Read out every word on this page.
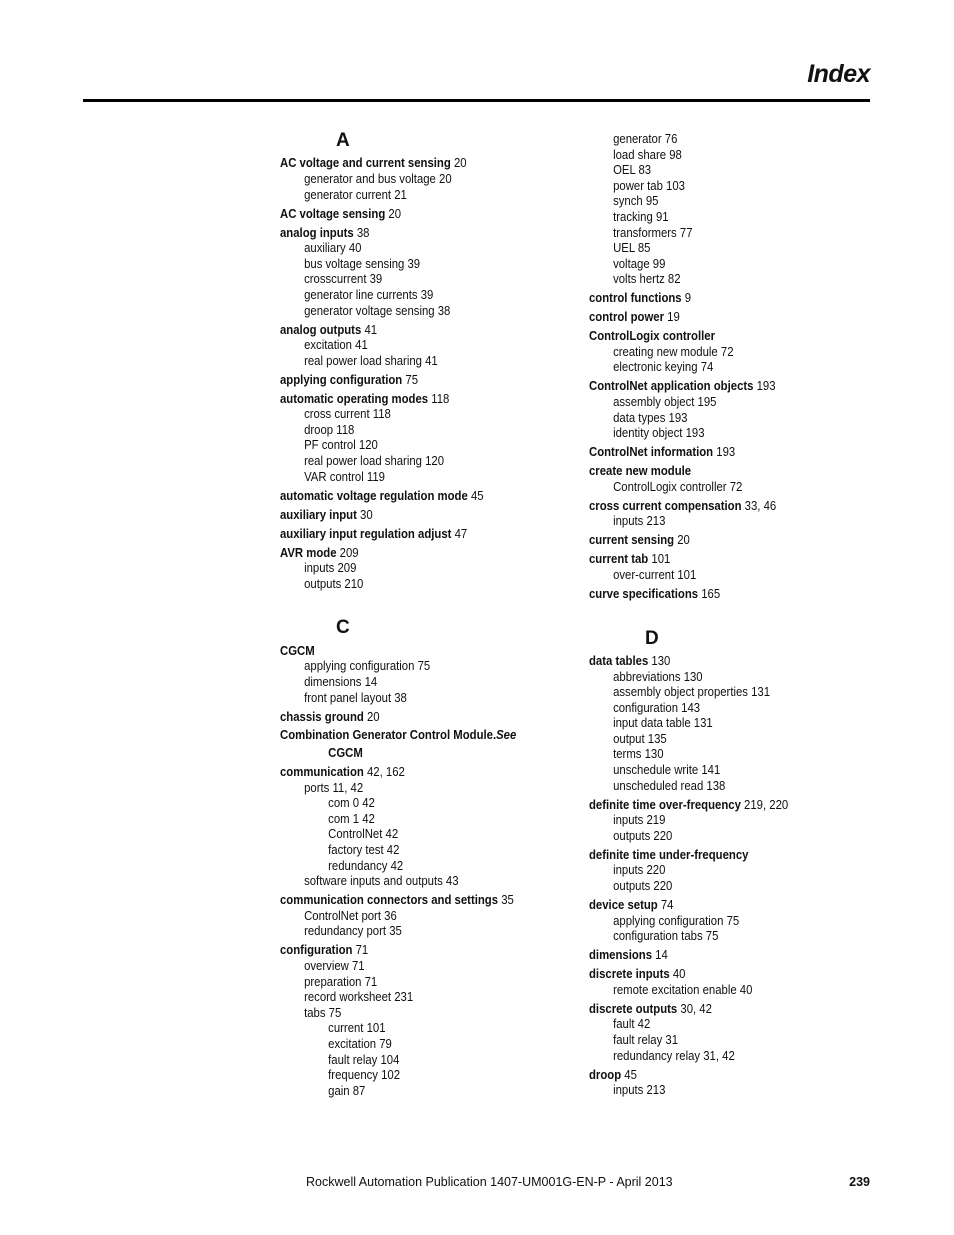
Index
A
AC voltage and current sensing 20
generator and bus voltage 20
generator current 21
AC voltage sensing 20
analog inputs 38
auxiliary 40
bus voltage sensing 39
crosscurrent 39
generator line currents 39
generator voltage sensing 38
analog outputs 41
excitation 41
real power load sharing 41
applying configuration 75
automatic operating modes 118
cross current 118
droop 118
PF control 120
real power load sharing 120
VAR control 119
automatic voltage regulation mode 45
auxiliary input 30
auxiliary input regulation adjust 47
AVR mode 209
inputs 209
outputs 210
C
CGCM
applying configuration 75
dimensions 14
front panel layout 38
chassis ground 20
Combination Generator Control Module.See
CGCM
communication 42, 162
ports 11, 42
com 0 42
com 1 42
ControlNet 42
factory test 42
redundancy 42
software inputs and outputs 43
communication connectors and settings 35
ControlNet port 36
redundancy port 35
configuration 71
overview 71
preparation 71
record worksheet 231
tabs 75
current 101
excitation 79
fault relay 104
frequency 102
gain 87
generator 76
load share 98
OEL 83
power tab 103
synch 95
tracking 91
transformers 77
UEL 85
voltage 99
volts hertz 82
control functions 9
control power 19
ControlLogix controller
creating new module 72
electronic keying 74
ControlNet application objects 193
assembly object 195
data types 193
identity object 193
ControlNet information 193
create new module
ControlLogix controller 72
cross current compensation 33, 46
inputs 213
current sensing 20
current tab 101
over-current 101
curve specifications 165
D
data tables 130
abbreviations 130
assembly object properties 131
configuration 143
input data table 131
output 135
terms 130
unschedule write 141
unscheduled read 138
definite time over-frequency 219, 220
inputs 219
outputs 220
definite time under-frequency
inputs 220
outputs 220
device setup 74
applying configuration 75
configuration tabs 75
dimensions 14
discrete inputs 40
remote excitation enable 40
discrete outputs 30, 42
fault 42
fault relay 31
redundancy relay 31, 42
droop 45
inputs 213
Rockwell Automation Publication 1407-UM001G-EN-P - April 2013	239
